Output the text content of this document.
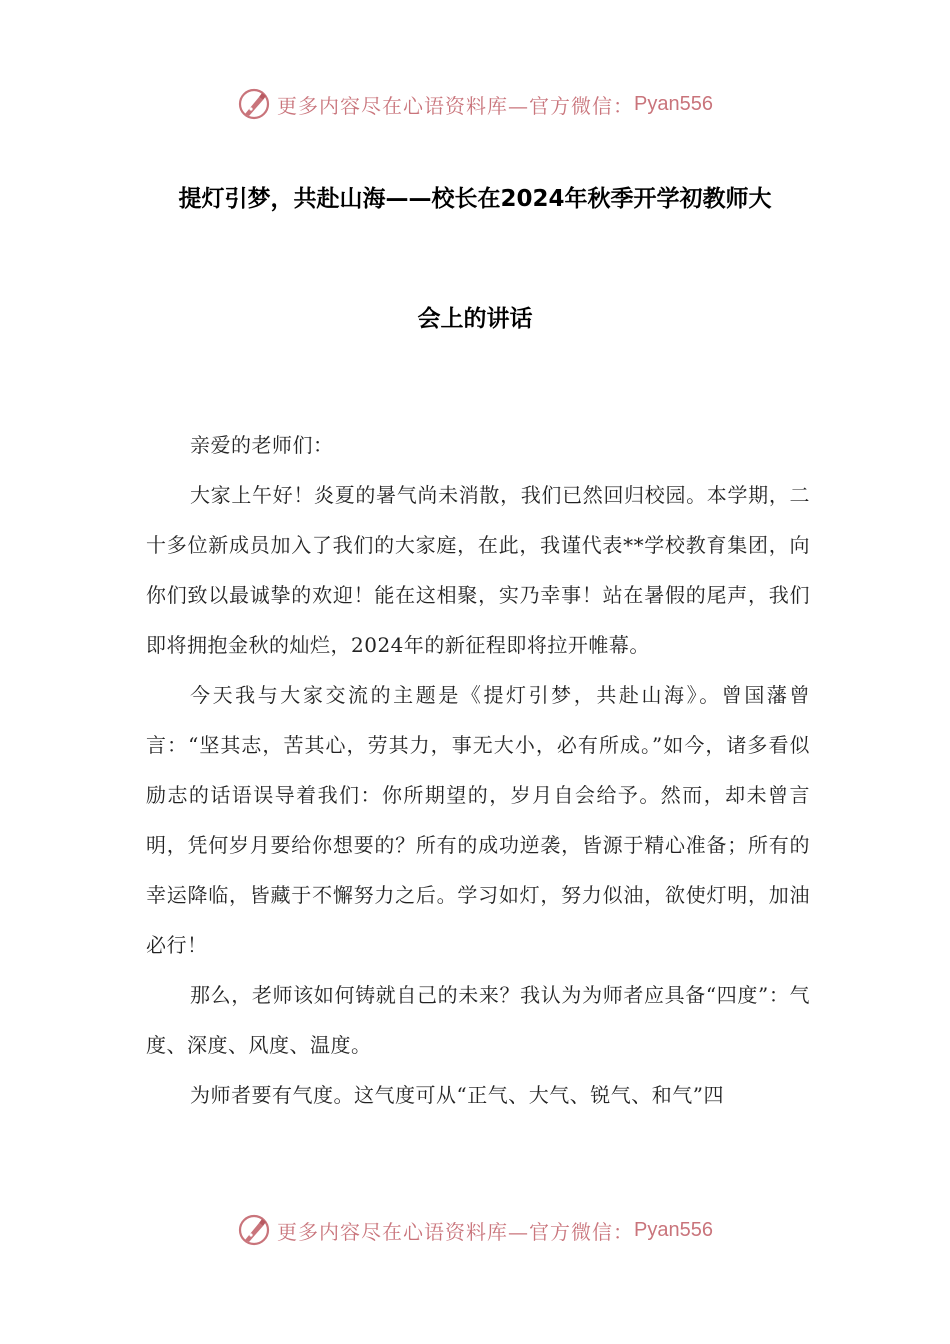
更多内容尽在心语资料库—官方微信： Pyan556
提灯引梦，共赴山海——校长在2024年秋季开学初教师大
会上的讲话

亲爱的老师们：

大家上午好！炎夏的暑气尚未消散，我们已然回归校园。本学期，二十多位新成员加入了我们的大家庭，在此，我谨代表**学校教育集团，向你们致以最诚挚的欢迎！能在这相聚，实乃幸事！站在暑假的尾声，我们即将拥抱金秋的灿烂，2024年的新征程即将拉开帷幕。

今天我与大家交流的主题是《提灯引梦，共赴山海》。曾国藩曾言：“坚其志，苦其心，劳其力，事无大小，必有所成。”如今，诸多看似励志的话语误导着我们：你所期望的，岁月自会给予。然而，却未曾言明，凭何岁月要给你想要的？所有的成功逆袭，皆源于精心准备；所有的幸运降临，皆藏于不懈努力之后。学习如灯，努力似油，欲使灯明，加油必行！

那么，老师该如何铸就自己的未来？我认为为师者应具备“四度”：气度、深度、风度、温度。

为师者要有气度。这气度可从“正气、大气、锐气、和气”四

更多内容尽在心语资料库—官方微信： Pyan556
